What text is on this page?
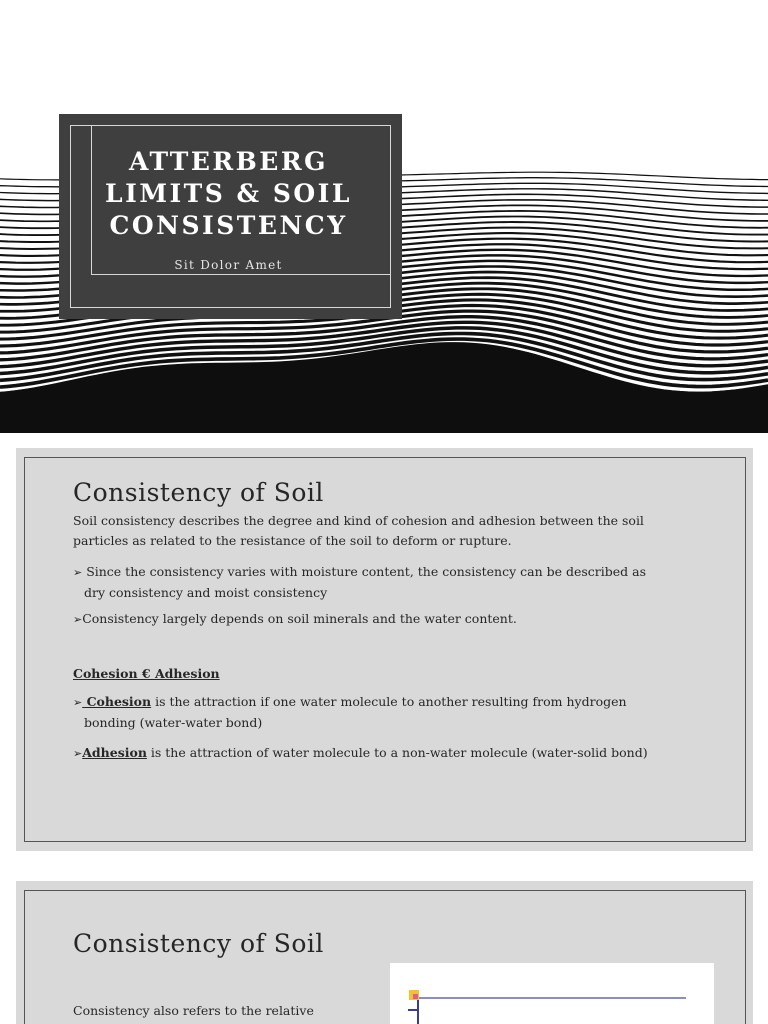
ATTERBERG
LIMITS & SOIL
CONSISTENCY
Sit Dolor Amet
Consistency of Soil

Soil consistency describes the degree and kind of cohesion and adhesion between the soil particles as related to the resistance of the soil to deform or rupture.

➢ Since the consistency varies with moisture content, the consistency can be described as
dry consistency and moist consistency

➢Consistency largely depends on soil minerals and the water content.

Cohesion € Adhesion

➢ Cohesion is the attraction if one water molecule to another resulting from hydrogen
bonding (water-water bond)

➢Adhesion is the attraction of water molecule to a non-water molecule (water-solid bond)

Consistency of Soil

Consistency also refers to the relative
